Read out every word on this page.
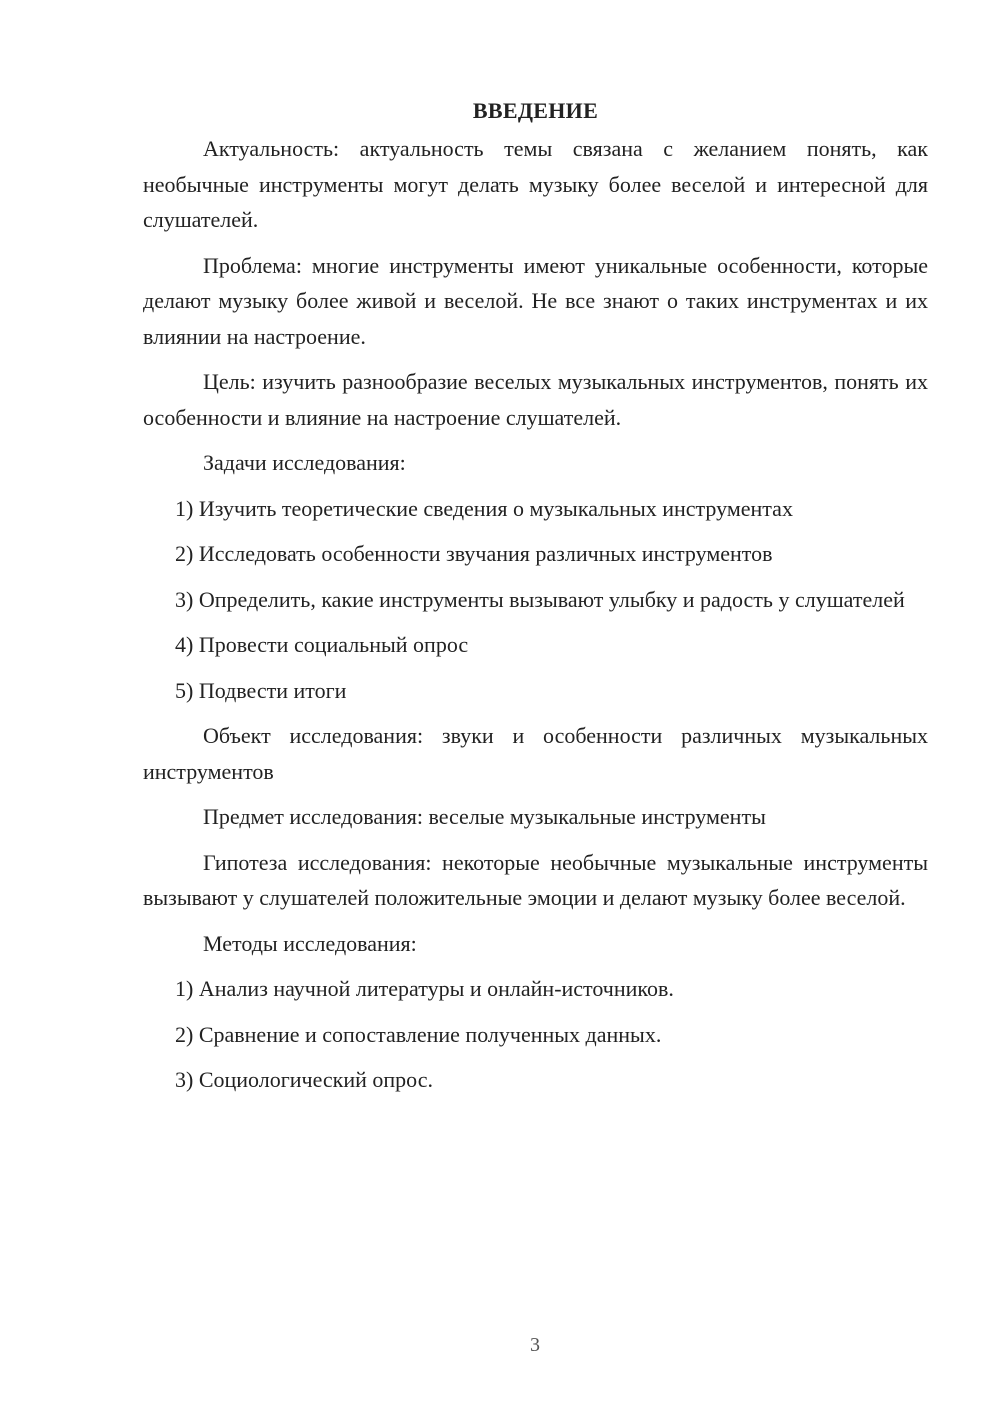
ВВЕДЕНИЕ

Актуальность: актуальность темы связана с желанием понять, как необычные инструменты могут делать музыку более веселой и интересной для слушателей.

Проблема: многие инструменты имеют уникальные особенности, которые делают музыку более живой и веселой. Не все знают о таких инструментах и их влиянии на настроение.

Цель: изучить разнообразие веселых музыкальных инструментов, понять их особенности и влияние на настроение слушателей.

Задачи исследования:

1) Изучить теоретические сведения о музыкальных инструментах

2) Исследовать особенности звучания различных инструментов

3) Определить, какие инструменты вызывают улыбку и радость у слушателей

4) Провести социальный опрос

5) Подвести итоги

Объект исследования: звуки и особенности различных музыкальных инструментов

Предмет исследования: веселые музыкальные инструменты

Гипотеза исследования: некоторые необычные музыкальные инструменты вызывают у слушателей положительные эмоции и делают музыку более веселой.

Методы исследования:

1) Анализ научной литературы и онлайн-источников.

2) Сравнение и сопоставление полученных данных.

3) Социологический опрос.

3
